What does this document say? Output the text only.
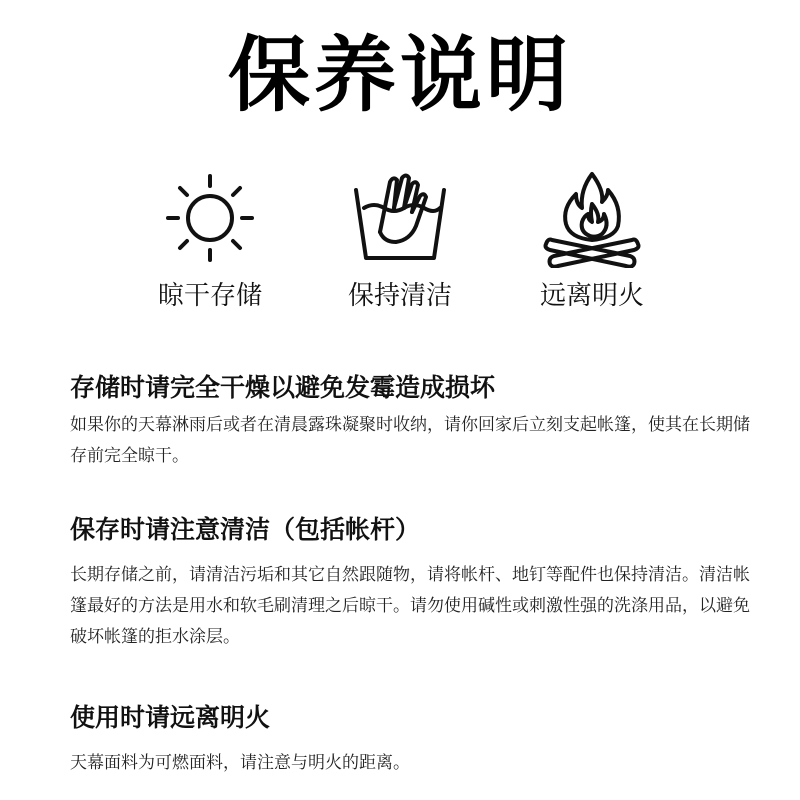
保养说明
晾干存储	保持清洁	远离明火
存储时请完全干燥以避免发霉造成损坏

如果你的天幕淋雨后或者在清晨露珠凝聚时收纳，请你回家后立刻支起帐篷，使其在长期储存前完全晾干。

保存时请注意清洁（包括帐杆）

长期存储之前，请清洁污垢和其它自然跟随物，请将帐杆、地钉等配件也保持清洁。清洁帐篷最好的方法是用水和软毛刷清理之后晾干。请勿使用碱性或刺激性强的洗涤用品，以避免破坏帐篷的拒水涂层。

使用时请远离明火

天幕面料为可燃面料，请注意与明火的距离。
